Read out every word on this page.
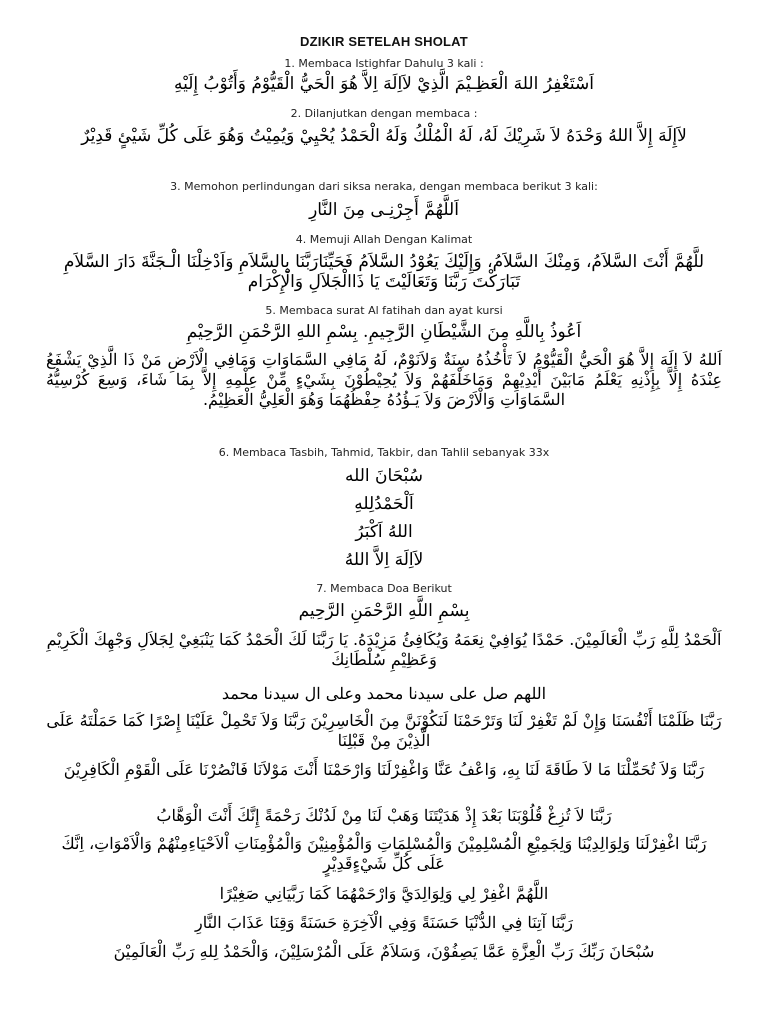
DZIKIR SETELAH SHOLAT
1. Membaca Istighfar Dahulu 3 kali :
اَسْتَغْفِرُ اللهَ الْعَظِـيْمَ الَّذِيْ لاَاِلَهَ اِلاَّ هُوَ الْحَيُّ الْقَيُّوْمُ وَأَتُوْبُ إِلَيْهِ
2. Dilanjutkan dengan membaca :
لاَإِلَهَ إِلاَّ اللهُ وَحْدَهُ لاَ شَرِيْكَ لَهُ، لَهُ الْمُلْكُ وَلَهُ الْحَمْدُ يُحْيِيْ وَيُمِيْتُ وَهُوَ عَلَى كُلِّ شَيْئٍ قَدِيْرٌ
3. Memohon perlindungan dari siksa neraka, dengan membaca berikut 3 kali:
اَللَّهُمَّ أَجِرْنِـى مِنَ النَّارِ
4. Memuji Allah Dengan Kalimat
للَّهُمَّ أَنْتَ السَّلاَمُ، وَمِنْكَ السَّلاَمُ، وَإِلَيْكَ يَعُوْدُ السَّلاَمُ فَحَيِّنَارَبَّنَا بِالسَّلاَمِ وَاَدْخِلْنَا الْـجَنَّةَ دَارَ السَّلاَمِ تَبَارَكْتَ رَبَّنَا وَتَعَالَيْتَ يَا ذَاالْجَلاَلِ وَالْإِكْرَام
5. Membaca surat Al fatihah dan ayat kursi
اَعُوذُ بِاللَّهِ مِنَ الشَّيْطَانِ الرَّجِيمِ. بِسْمِ اللهِ الرَّحْمَنِ الرَّحِيْمِ
اَللهُ لاَ إِلَهَ إِلاَّ هُوَ الْحَيُّ الْقَيُّوْمُ لاَ تَأْخُذُهُ سِنَةٌ وَلاَنَوْمٌ، لَهُ مَافِي السَّمَاوَاتِ وَمَافِي الْاَرْضِ مَنْ ذَا الَّذِيْ يَشْفَعُ عِنْدَهُ إِلاَّ بِإِذْنِهِ يَعْلَمُ مَابَيْنَ أَيْدِيْهِمْ وَمَاخَلْفَهُمْ وَلاَ يُحِيْطُوْنَ بِشَيْءٍ مِّنْ عِلْمِهِ إِلاَّ بِمَا شَاءَ، وَسِعَ كُرْسِيُّهُ السَّمَاوَاتِ وَالْاَرْضَ وَلاَ يَـؤُدُهُ حِفْظُهُمَا وَهُوَ الْعَلِيُّ الْعَظِيْمُ.
6. Membaca Tasbih, Tahmid, Takbir, dan Tahlil sebanyak 33x
سُبْحَانَ الله
اَلْحَمْدُلِلهِ
اللهُ اَكْبَرُ
لاَاِلَهَ اِلاَّ اللهُ
7. Membaca Doa Berikut
بِسْمِ اللَّهِ الرَّحْمَنِ الرَّحِيم
اَلْحَمْدُ لِلَّهِ رَبِّ الْعَالَمِيْنَ. حَمْدًا يُوَافِيْ نِعَمَهُ وَيُكَافِئُ مَزِيْدَهُ. يَا رَبَّنَا لَكَ الْحَمْدُ كَمَا يَنْبَغِيْ لِجَلاَلِ وَجْهِكَ الْكَرِيْمِ وَعَظِيْمِ سُلْطَانِكَ
اللهم صل على سيدنا محمد وعلى ال سيدنا محمد
رَبَّنَا ظَلَمْنَا أَنْفُسَنَا وَإِنْ لَمْ تَغْفِرْ لَنَا وَتَرْحَمْنَا لَنَكُوْنَنَّ مِنَ الْخَاسِرِيْنَ رَبَّنَا وَلاَ تَحْمِلْ عَلَيْنَا إِصْرًا كَمَا حَمَلْتَهُ عَلَى الَّذِيْنَ مِنْ قَبْلِنَا
رَبَّنَا وَلاَ تُحَمِّلْنَا مَا لاَ طَاقَةَ لَنَا بِهِ، وَاعْفُ عَنَّا وَاغْفِرْلَنَا وَارْحَمْنَا أَنْتَ مَوْلاَنَا فَانْصُرْنَا عَلَى الْقَوْمِ الْكَافِرِيْنَ
رَبَّنَا لاَ تُزِغْ قُلُوْبَنَا بَعْدَ إِذْ هَدَيْتَنَا وَهَبْ لَنَا مِنْ لَدُنْكَ رَحْمَةً إِنَّكَ أَنْتَ الْوَهَّابُ
رَبَّنَا اغْفِرْلَنَا وَلِوَالِدِيْنَا وَلِجَمِيْعِ الْمُسْلِمِيْنَ وَالْمُسْلِمَاتِ وَالْمُؤْمِنِيْنَ وَالْمُؤْمِنَاتِ اْلاَحْيَاءِمِنْهُمْ وَالْاَمْوَاتِ، اِنَّكَ عَلَى كُلِّ شَيْءٍقَدِيْرٍ
اللَّهُمَّ اغْفِرْ لِي وَلِوَالِدَيَّ وَارْحَمْهُمَا كَمَا رَبَّيَانِي صَغِيْرًا
رَبَّنَا آتِنَا فِي الدُّنْيَا حَسَنَةً وَفِي الْآخِرَةِ حَسَنَةً وَقِنَا عَذَابَ النَّارِ
سُبْحَانَ رَبِّكَ رَبِّ الْعِزَّةِ عَمَّا يَصِفُوْنَ، وَسَلاَمٌ عَلَى الْمُرْسَلِيْنَ، وَالْحَمْدُ لِلهِ رَبِّ الْعَالَمِيْنَ
